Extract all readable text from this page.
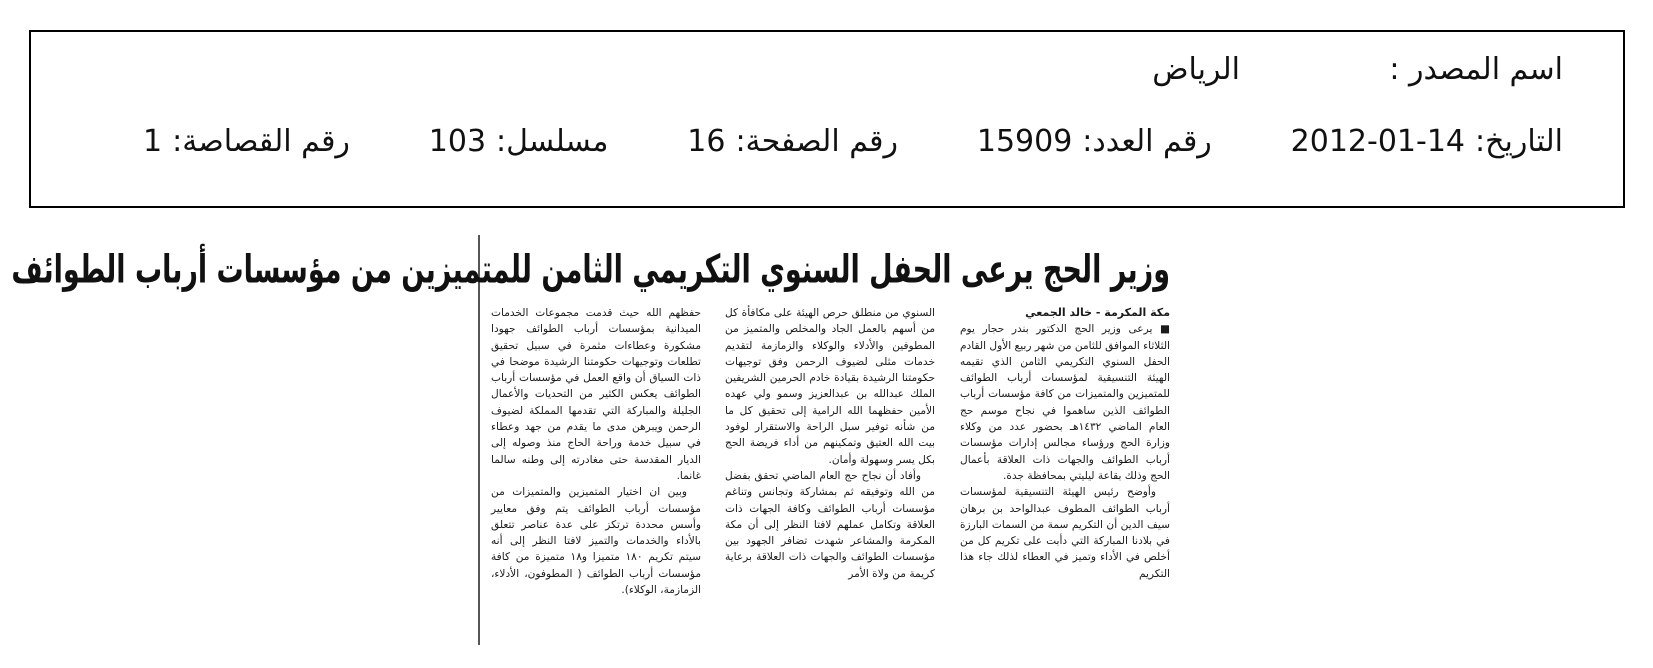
اسم المصدر :
الرياض
التاريخ:
2012-01-14
رقم العدد:
15909
رقم الصفحة:
16
مسلسل:
103
رقم القصاصة:
1
وزير الحج يرعى الحفل السنوي التكريمي الثامن للمتميزين من مؤسسات أرباب الطوائف
مكة المكرمة - خالد الجمعي

■ يرعى وزير الحج الدكتور بندر حجار يوم الثلاثاء الموافق للثامن من شهر ربيع الأول القادم الحفل السنوي التكريمي الثامن الذي تقيمه الهيئة التنسيقية لمؤسسات أرباب الطوائف للمتميزين والمتميزات من كافة مؤسسات أرباب الطوائف الذين ساهموا في نجاح موسم حج العام الماضي ١٤٣٢هـ بحضور عدد من وكلاء وزارة الحج ورؤساء مجالس إدارات مؤسسات أرباب الطوائف والجهات ذات العلاقة بأعمال الحج وذلك بقاعة ليليتي بمحافظة جدة.

وأوضح رئيس الهيئة التنسيقية لمؤسسات أرباب الطوائف المطوف عبدالواحد بن برهان سيف الدين أن التكريم سمة من السمات البارزة في بلادنا المباركة التي دأبت على تكريم كل من أخلص في الأداء وتميز في العطاء لذلك جاء هذا التكريم

السنوي من منطلق حرص الهيئة على مكافأة كل من أسهم بالعمل الجاد والمخلص والمتميز من المطوفين والأدلاء والوكلاء والزمازمة لتقديم خدمات مثلى لضيوف الرحمن وفق توجيهات حكومتنا الرشيدة بقيادة خادم الحرمين الشريفين الملك عبدالله بن عبدالعزيز وسمو ولي عهده الأمين حفظهما الله الرامية إلى تحقيق كل ما من شأنه توفير سبل الراحة والاستقرار لوفود بيت الله العتيق وتمكينهم من أداء فريضة الحج بكل يسر وسهولة وأمان.

وأفاد أن نجاح حج العام الماضي تحقق بفضل من الله وتوفيقه ثم بمشاركة وتجانس وتناغم مؤسسات أرباب الطوائف وكافة الجهات ذات العلاقة وتكامل عملهم لافتا النظر إلى أن مكة المكرمة والمشاعر شهدت تضافر الجهود بين مؤسسات الطوائف والجهات ذات العلاقة برعاية كريمة من ولاة الأمر

حفظهم الله حيث قدمت مجموعات الخدمات الميدانية بمؤسسات أرباب الطوائف جهودا مشكورة وعطاءات مثمرة في سبيل تحقيق تطلعات وتوجيهات حكومتنا الرشيدة موضحا في ذات السياق أن واقع العمل في مؤسسات أرباب الطوائف يعكس الكثير من التحديات والأعمال الجليلة والمباركة التي تقدمها المملكة لضيوف الرحمن ويبرهن مدى ما يقدم من جهد وعطاء في سبيل خدمة وراحة الحاج منذ وصوله إلى الديار المقدسة حتى مغادرته إلى وطنه سالما غانما.

وبين ان اختيار المتميزين والمتميزات من مؤسسات أرباب الطوائف يتم وفق معايير وأسس محددة ترتكز على عدة عناصر تتعلق بالأداء والخدمات والتميز لافتا النظر إلى أنه سيتم تكريم ١٨٠ متميزا و١٨ متميزة من كافة مؤسسات أرباب الطوائف ( المطوفون، الأدلاء، الزمازمة، الوكلاء).
